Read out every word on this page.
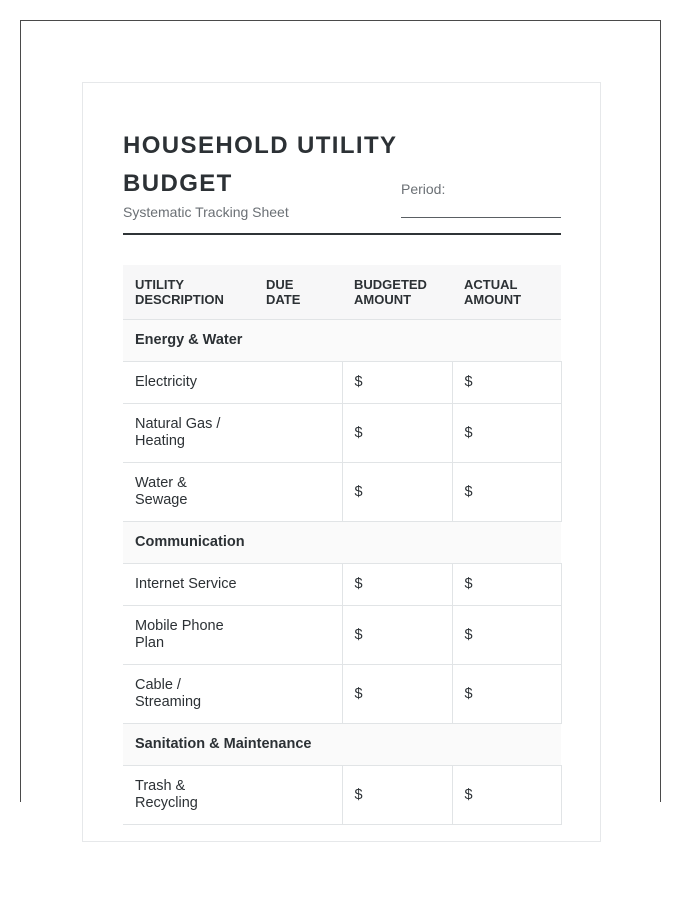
HOUSEHOLD UTILITY BUDGET
Systematic Tracking Sheet
Period:
UTILITY DESCRIPTION	DUE DATE	BUDGETED AMOUNT	ACTUAL AMOUNT
Energy & Water			
Electricity		$	$
Natural Gas / Heating		$	$
Water & Sewage		$	$
Communication			
Internet Service		$	$
Mobile Phone Plan		$	$
Cable / Streaming		$	$
Sanitation & Maintenance			
Trash & Recycling		$	$
